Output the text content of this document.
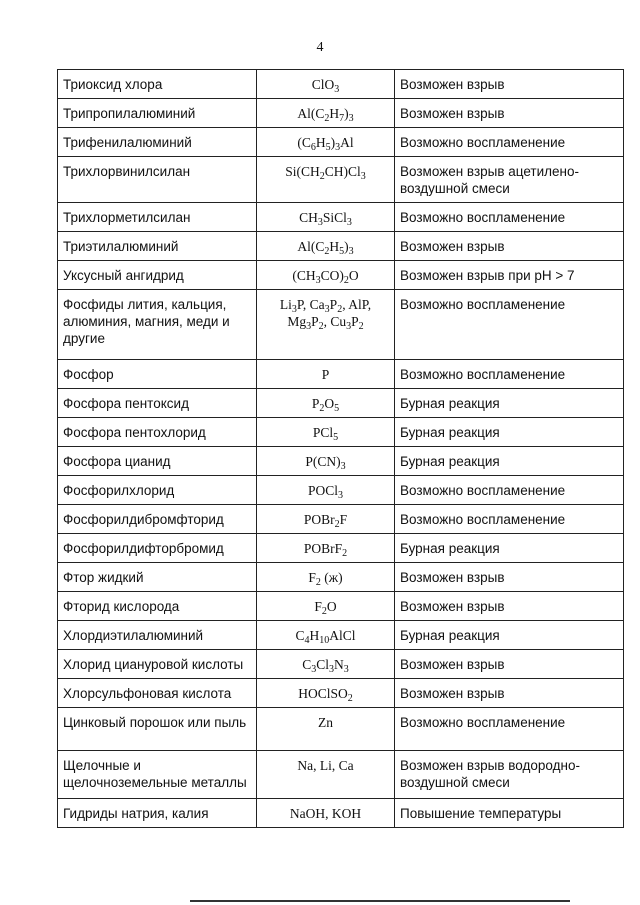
4
Триоксид хлора	ClO$_3$	Возможен взрыв
Трипропилалюминий	$Al(C_2H_7)_3$	Возможен взрыв
Трифенилалюминий	$(C_6H_5)_3Al$	Возможно воспламенение
Трихлорвинилсилан	$Si(CH_2CH)Cl_3$	Возможен взрыв ацетилено-воздушной смеси
Трихлорметилсилан	$CH_3SiCl_3$	Возможно воспламенение
Триэтилалюминий	$Al(C_2H_5)_3$	Возможен взрыв
Уксусный ангидрид	$(CH_3CO)_2O$	Возможен взрыв при pH > 7
Фосфиды лития, кальция, алюминия, магния, меди и другие	$Li_3P$, $Ca_3P_2$, AlP, $Mg_3P_2$, $Cu_3P_2$	Возможно воспламенение
Фосфор	P	Возможно воспламенение
Фосфора пентоксид	$P_2O_5$	Бурная реакция
Фосфора пентохлорид	PCl$_5$	Бурная реакция
Фосфора цианид	$P(CN)_3$	Бурная реакция
Фосфорилхлорид	POCl$_3$	Возможно воспламенение
Фосфорилдибромфторид	POBr$_2$F	Возможно воспламенение
Фосфорилдифторбромид	POBrF$_2$	Бурная реакция
Фтор жидкий	$F_2$ (ж)	Возможен взрыв
Фторид кислорода	$F_2O$	Возможен взрыв
Хлордиэтилалюминий	$C_4H_{10}AlCl$	Бурная реакция
Хлорид циануровой кислоты	$C_3Cl_3N_3$	Возможен взрыв
Хлорсульфоновая кислота	HOClSO$_2$	Возможен взрыв
Цинковый порошок или пыль	Zn	Возможно воспламенение
Щелочные и щелочноземельные металлы	Na, Li, Ca	Возможен взрыв водородно-воздушной смеси
Гидриды натрия, калия	NaOH, KOH	Повышение температуры
